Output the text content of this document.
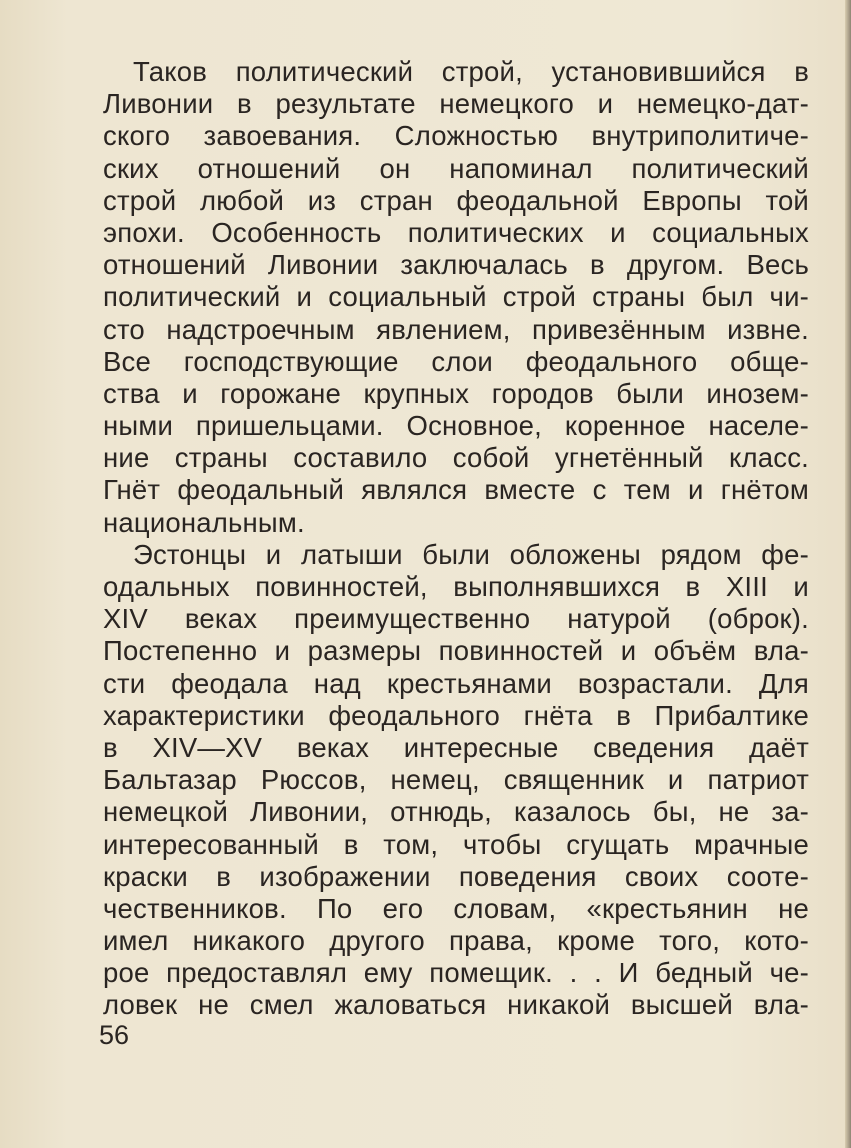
Таков политический строй, установившийся в
Ливонии в результате немецкого и немецко-дат-
ского завоевания. Сложностью внутриполитиче-
ских отношений он напоминал политический
строй любой из стран феодальной Европы той
эпохи. Особенность политических и социальных
отношений Ливонии заключалась в другом. Весь
политический и социальный строй страны был чи-
сто надстроечным явлением, привезённым извне.
Все господствующие слои феодального обще-
ства и горожане крупных городов были инозем-
ными пришельцами. Основное, коренное населе-
ние страны составило собой угнетённый класс.
Гнёт феодальный являлся вместе с тем и гнётом
национальным.
Эстонцы и латыши были обложены рядом фе-
одальных повинностей, выполнявшихся в XIII и
XIV веках преимущественно натурой (оброк).
Постепенно и размеры повинностей и объём вла-
сти феодала над крестьянами возрастали. Для
характеристики феодального гнёта в Прибалтике
в XIV—XV веках интересные сведения даёт
Бальтазар Рюссов, немец, священник и патриот
немецкой Ливонии, отнюдь, казалось бы, не за-
интересованный в том, чтобы сгущать мрачные
краски в изображении поведения своих соотe-
чественников. По его словам, «крестьянин не
имел никакого другого права, кроме того, кото-
рое предоставлял ему помещик. . . И бедный че-
ловек не смел жаловаться никакой высшей вла-
56
